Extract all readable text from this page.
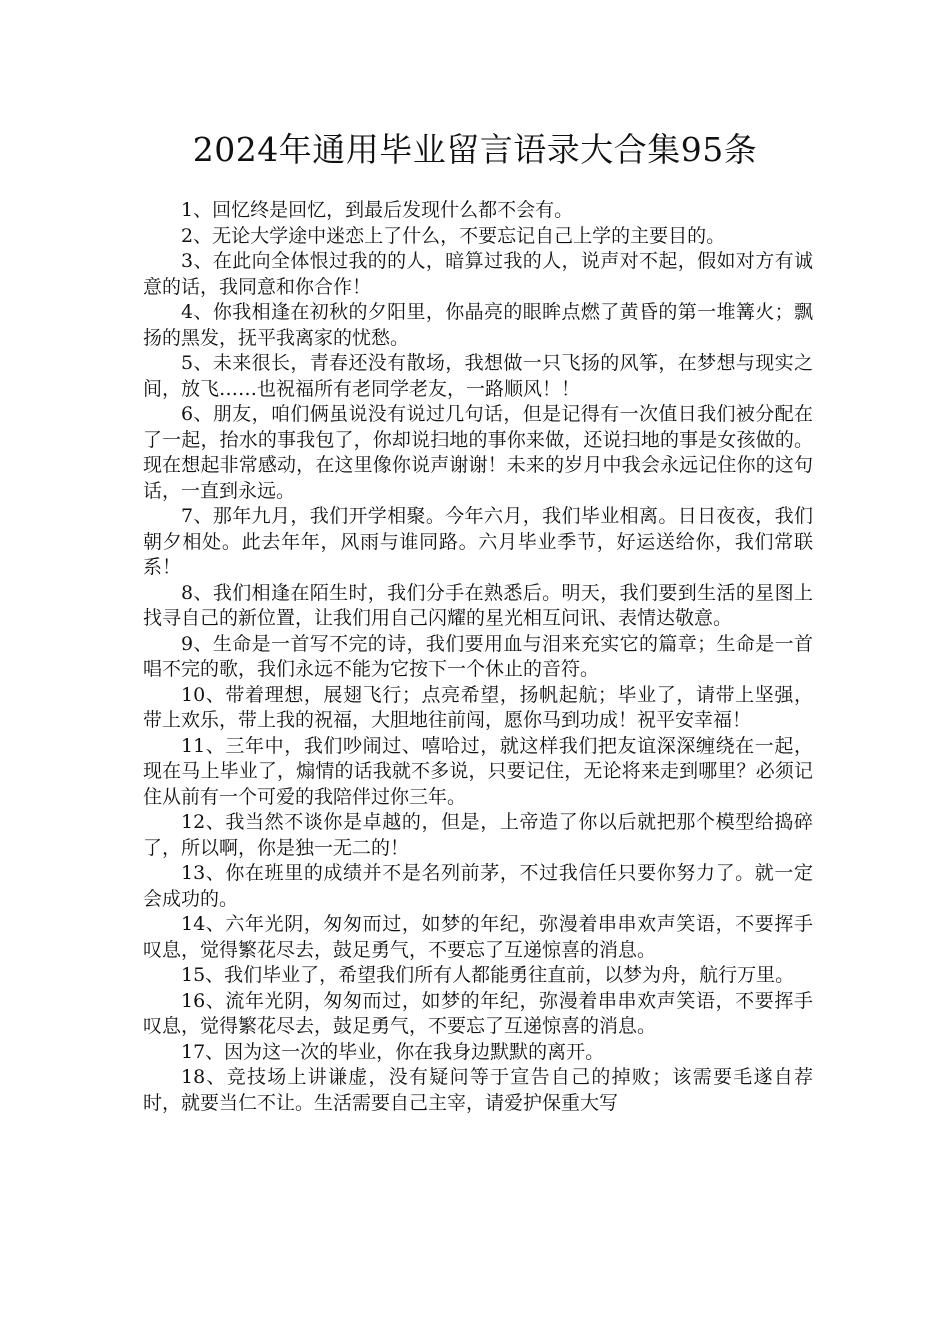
2024年通用毕业留言语录大合集95条

1、回忆终是回忆，到最后发现什么都不会有。

2、无论大学途中迷恋上了什么，不要忘记自己上学的主要目的。

3、在此向全体恨过我的的人，暗算过我的人，说声对不起，假如对方有诚意的话，我同意和你合作！

4、你我相逢在初秋的夕阳里，你晶亮的眼眸点燃了黄昏的第一堆篝火；飘扬的黑发，抚平我离家的忧愁。

5、未来很长，青春还没有散场，我想做一只飞扬的风筝，在梦想与现实之间，放飞……也祝福所有老同学老友，一路顺风！！

6、朋友，咱们俩虽说没有说过几句话，但是记得有一次值日我们被分配在了一起，抬水的事我包了，你却说扫地的事你来做，还说扫地的事是女孩做的。现在想起非常感动，在这里像你说声谢谢！未来的岁月中我会永远记住你的这句话，一直到永远。

7、那年九月，我们开学相聚。今年六月，我们毕业相离。日日夜夜，我们朝夕相处。此去年年，风雨与谁同路。六月毕业季节，好运送给你，我们常联系！

8、我们相逢在陌生时，我们分手在熟悉后。明天，我们要到生活的星图上找寻自己的新位置，让我们用自己闪耀的星光相互问讯、表情达敬意。

9、生命是一首写不完的诗，我们要用血与泪来充实它的篇章；生命是一首唱不完的歌，我们永远不能为它按下一个休止的音符。

10、带着理想，展翅飞行；点亮希望，扬帆起航；毕业了，请带上坚强，带上欢乐，带上我的祝福，大胆地往前闯，愿你马到功成！祝平安幸福！

11、三年中，我们吵闹过、嘻哈过，就这样我们把友谊深深缠绕在一起，现在马上毕业了，煽情的话我就不多说，只要记住，无论将来走到哪里？必须记住从前有一个可爱的我陪伴过你三年。

12、我当然不谈你是卓越的，但是，上帝造了你以后就把那个模型给捣碎了，所以啊，你是独一无二的！

13、你在班里的成绩并不是名列前茅，不过我信任只要你努力了。就一定会成功的。

14、六年光阴，匆匆而过，如梦的年纪，弥漫着串串欢声笑语，不要挥手叹息，觉得繁花尽去，鼓足勇气，不要忘了互递惊喜的消息。

15、我们毕业了，希望我们所有人都能勇往直前，以梦为舟，航行万里。

16、流年光阴，匆匆而过，如梦的年纪，弥漫着串串欢声笑语，不要挥手叹息，觉得繁花尽去，鼓足勇气，不要忘了互递惊喜的消息。

17、因为这一次的毕业，你在我身边默默的离开。

18、竞技场上讲谦虚，没有疑问等于宣告自己的掉败；该需要毛遂自荐时，就要当仁不让。生活需要自己主宰，请爱护保重大写
